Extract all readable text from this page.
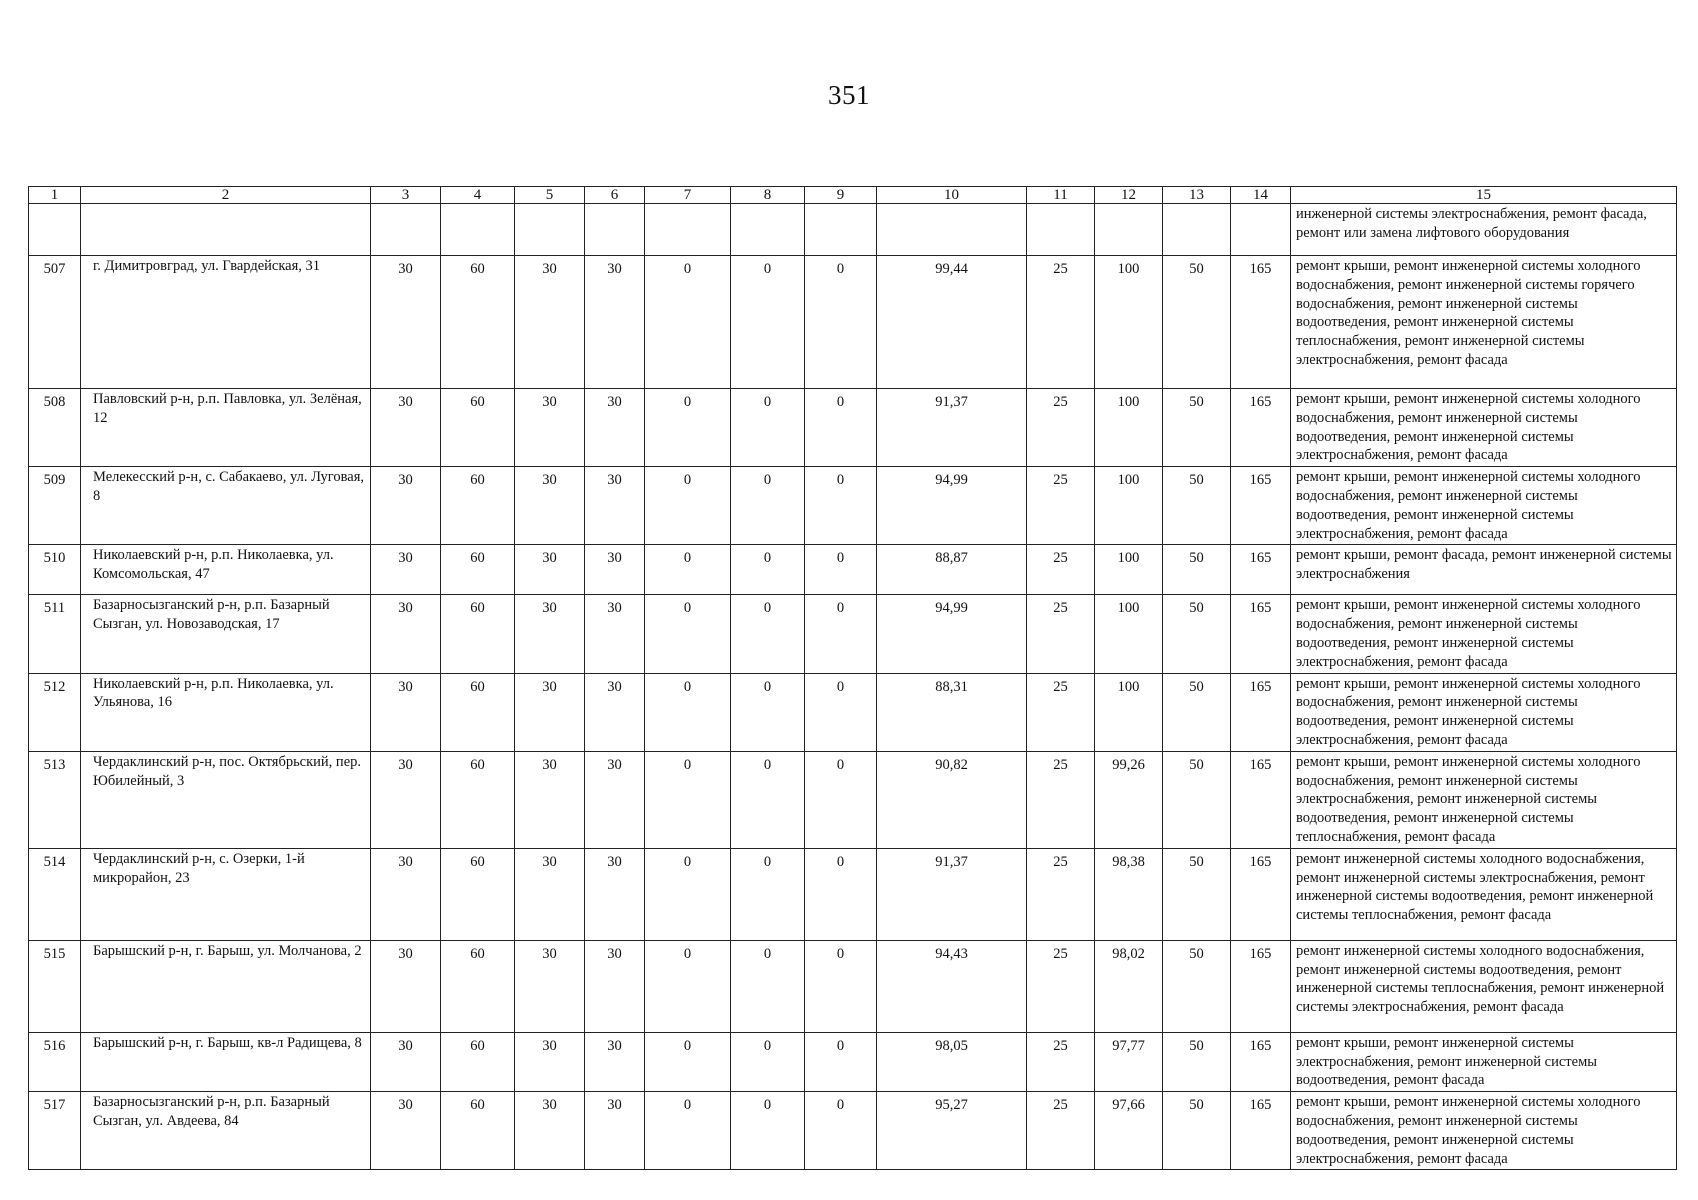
351
1	2	3	4	5	6	7	8	9	10	11	12	13	14	15
														инженерной системы электроснабжения, ремонт фасада, ремонт или замена лифтового оборудования
507	г. Димитровград, ул. Гвардейская, 31	30	60	30	30	0	0	0	99,44	25	100	50	165	ремонт крыши, ремонт инженерной системы холодного водоснабжения, ремонт инженерной системы горячего водоснабжения, ремонт инженерной системы водоотведения, ремонт инженерной системы теплоснабжения, ремонт инженерной системы электроснабжения, ремонт фасада
508	Павловский р-н, р.п. Павловка, ул. Зелёная, 12	30	60	30	30	0	0	0	91,37	25	100	50	165	ремонт крыши, ремонт инженерной системы холодного водоснабжения, ремонт инженерной системы водоотведения, ремонт инженерной системы электроснабжения, ремонт фасада
509	Мелекесский р-н, с. Сабакаево, ул. Луговая, 8	30	60	30	30	0	0	0	94,99	25	100	50	165	ремонт крыши, ремонт инженерной системы холодного водоснабжения, ремонт инженерной системы водоотведения, ремонт инженерной системы электроснабжения, ремонт фасада
510	Николаевский р-н, р.п. Николаевка, ул. Комсомольская, 47	30	60	30	30	0	0	0	88,87	25	100	50	165	ремонт крыши, ремонт фасада, ремонт инженерной системы электроснабжения
511	Базарносызганский р-н, р.п. Базарный Сызган, ул. Новозаводская, 17	30	60	30	30	0	0	0	94,99	25	100	50	165	ремонт крыши, ремонт инженерной системы холодного водоснабжения, ремонт инженерной системы водоотведения, ремонт инженерной системы электроснабжения, ремонт фасада
512	Николаевский р-н, р.п. Николаевка, ул. Ульянова, 16	30	60	30	30	0	0	0	88,31	25	100	50	165	ремонт крыши, ремонт инженерной системы холодного водоснабжения, ремонт инженерной системы водоотведения, ремонт инженерной системы электроснабжения, ремонт фасада
513	Чердаклинский р-н, пос. Октябрьский, пер. Юбилейный, 3	30	60	30	30	0	0	0	90,82	25	99,26	50	165	ремонт крыши, ремонт инженерной системы холодного водоснабжения, ремонт инженерной системы электроснабжения, ремонт инженерной системы водоотведения, ремонт инженерной системы теплоснабжения, ремонт фасада
514	Чердаклинский р-н, с. Озерки, 1-й микрорайон, 23	30	60	30	30	0	0	0	91,37	25	98,38	50	165	ремонт инженерной системы холодного водоснабжения, ремонт инженерной системы электроснабжения, ремонт инженерной системы водоотведения, ремонт инженерной системы теплоснабжения, ремонт фасада
515	Барышский р-н, г. Барыш, ул. Молчанова, 2	30	60	30	30	0	0	0	94,43	25	98,02	50	165	ремонт инженерной системы холодного водоснабжения, ремонт инженерной системы водоотведения, ремонт инженерной системы теплоснабжения, ремонт инженерной системы электроснабжения, ремонт фасада
516	Барышский р-н, г. Барыш, кв-л Радищева, 8	30	60	30	30	0	0	0	98,05	25	97,77	50	165	ремонт крыши, ремонт инженерной системы электроснабжения, ремонт инженерной системы водоотведения, ремонт фасада
517	Базарносызганский р-н, р.п. Базарный Сызган, ул. Авдеева, 84	30	60	30	30	0	0	0	95,27	25	97,66	50	165	ремонт крыши, ремонт инженерной системы холодного водоснабжения, ремонт инженерной системы водоотведения, ремонт инженерной системы электроснабжения, ремонт фасада
